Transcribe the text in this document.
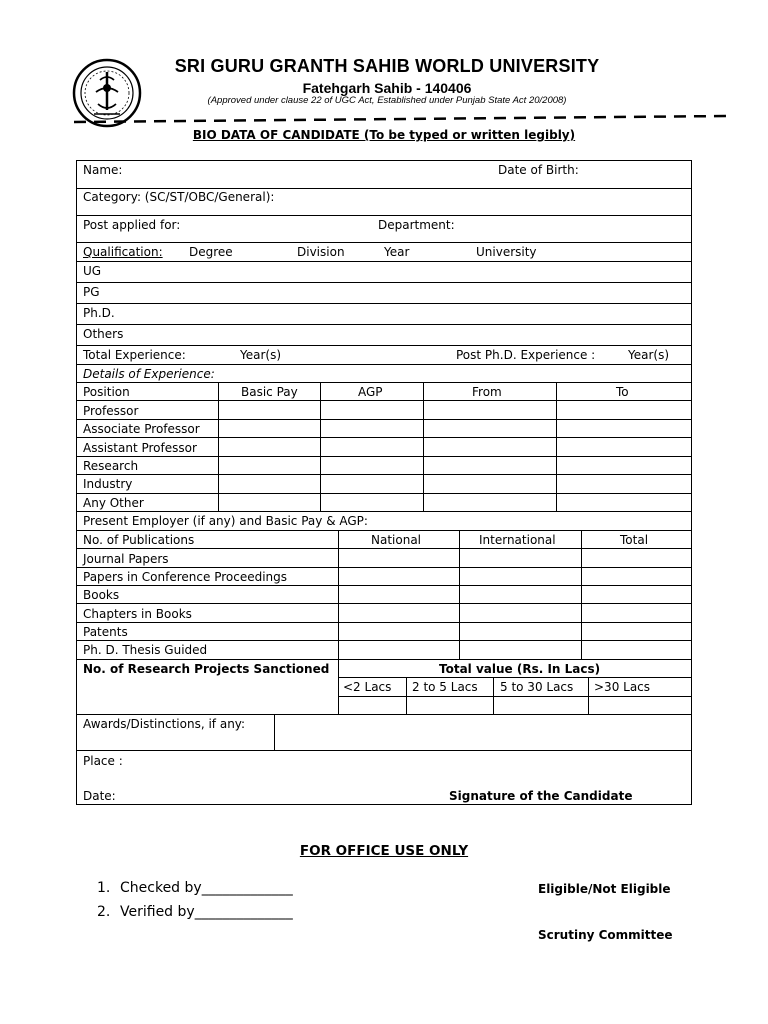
SRI GURU GRANTH SAHIB WORLD UNIVERSITY
Fatehgarh Sahib - 140406
(Approved under clause 22 of UGC Act, Established under Punjab State Act 20/2008)
BIO DATA OF CANDIDATE (To be typed or written legibly)
Name:	Date of Birth:
Category: (SC/ST/OBC/General):
Post applied for:	Department:
Qualification: Degree	Division	Year	University
UG
PG
Ph.D.
Others
Total Experience:	Year(s)	Post Ph.D. Experience :	Year(s)
Details of Experience:
Position	Basic Pay	AGP	From	To
Professor
Associate Professor
Assistant Professor
Research
Industry
Any Other
Present Employer (if any) and Basic Pay & AGP:
No. of Publications	National	International	Total
Journal Papers
Papers in Conference Proceedings
Books
Chapters in Books
Patents
Ph. D. Thesis Guided
No. of Research Projects Sanctioned	Total value (Rs. In Lacs)
<2 Lacs 2 to 5 Lacs 5 to 30 Lacs >30 Lacs
Awards/Distinctions, if any:
Place :
Date:	Signature of the Candidate
FOR OFFICE USE ONLY
1. Checked by_____________
2. Verified by______________
Eligible/Not Eligible
Scrutiny Committee
